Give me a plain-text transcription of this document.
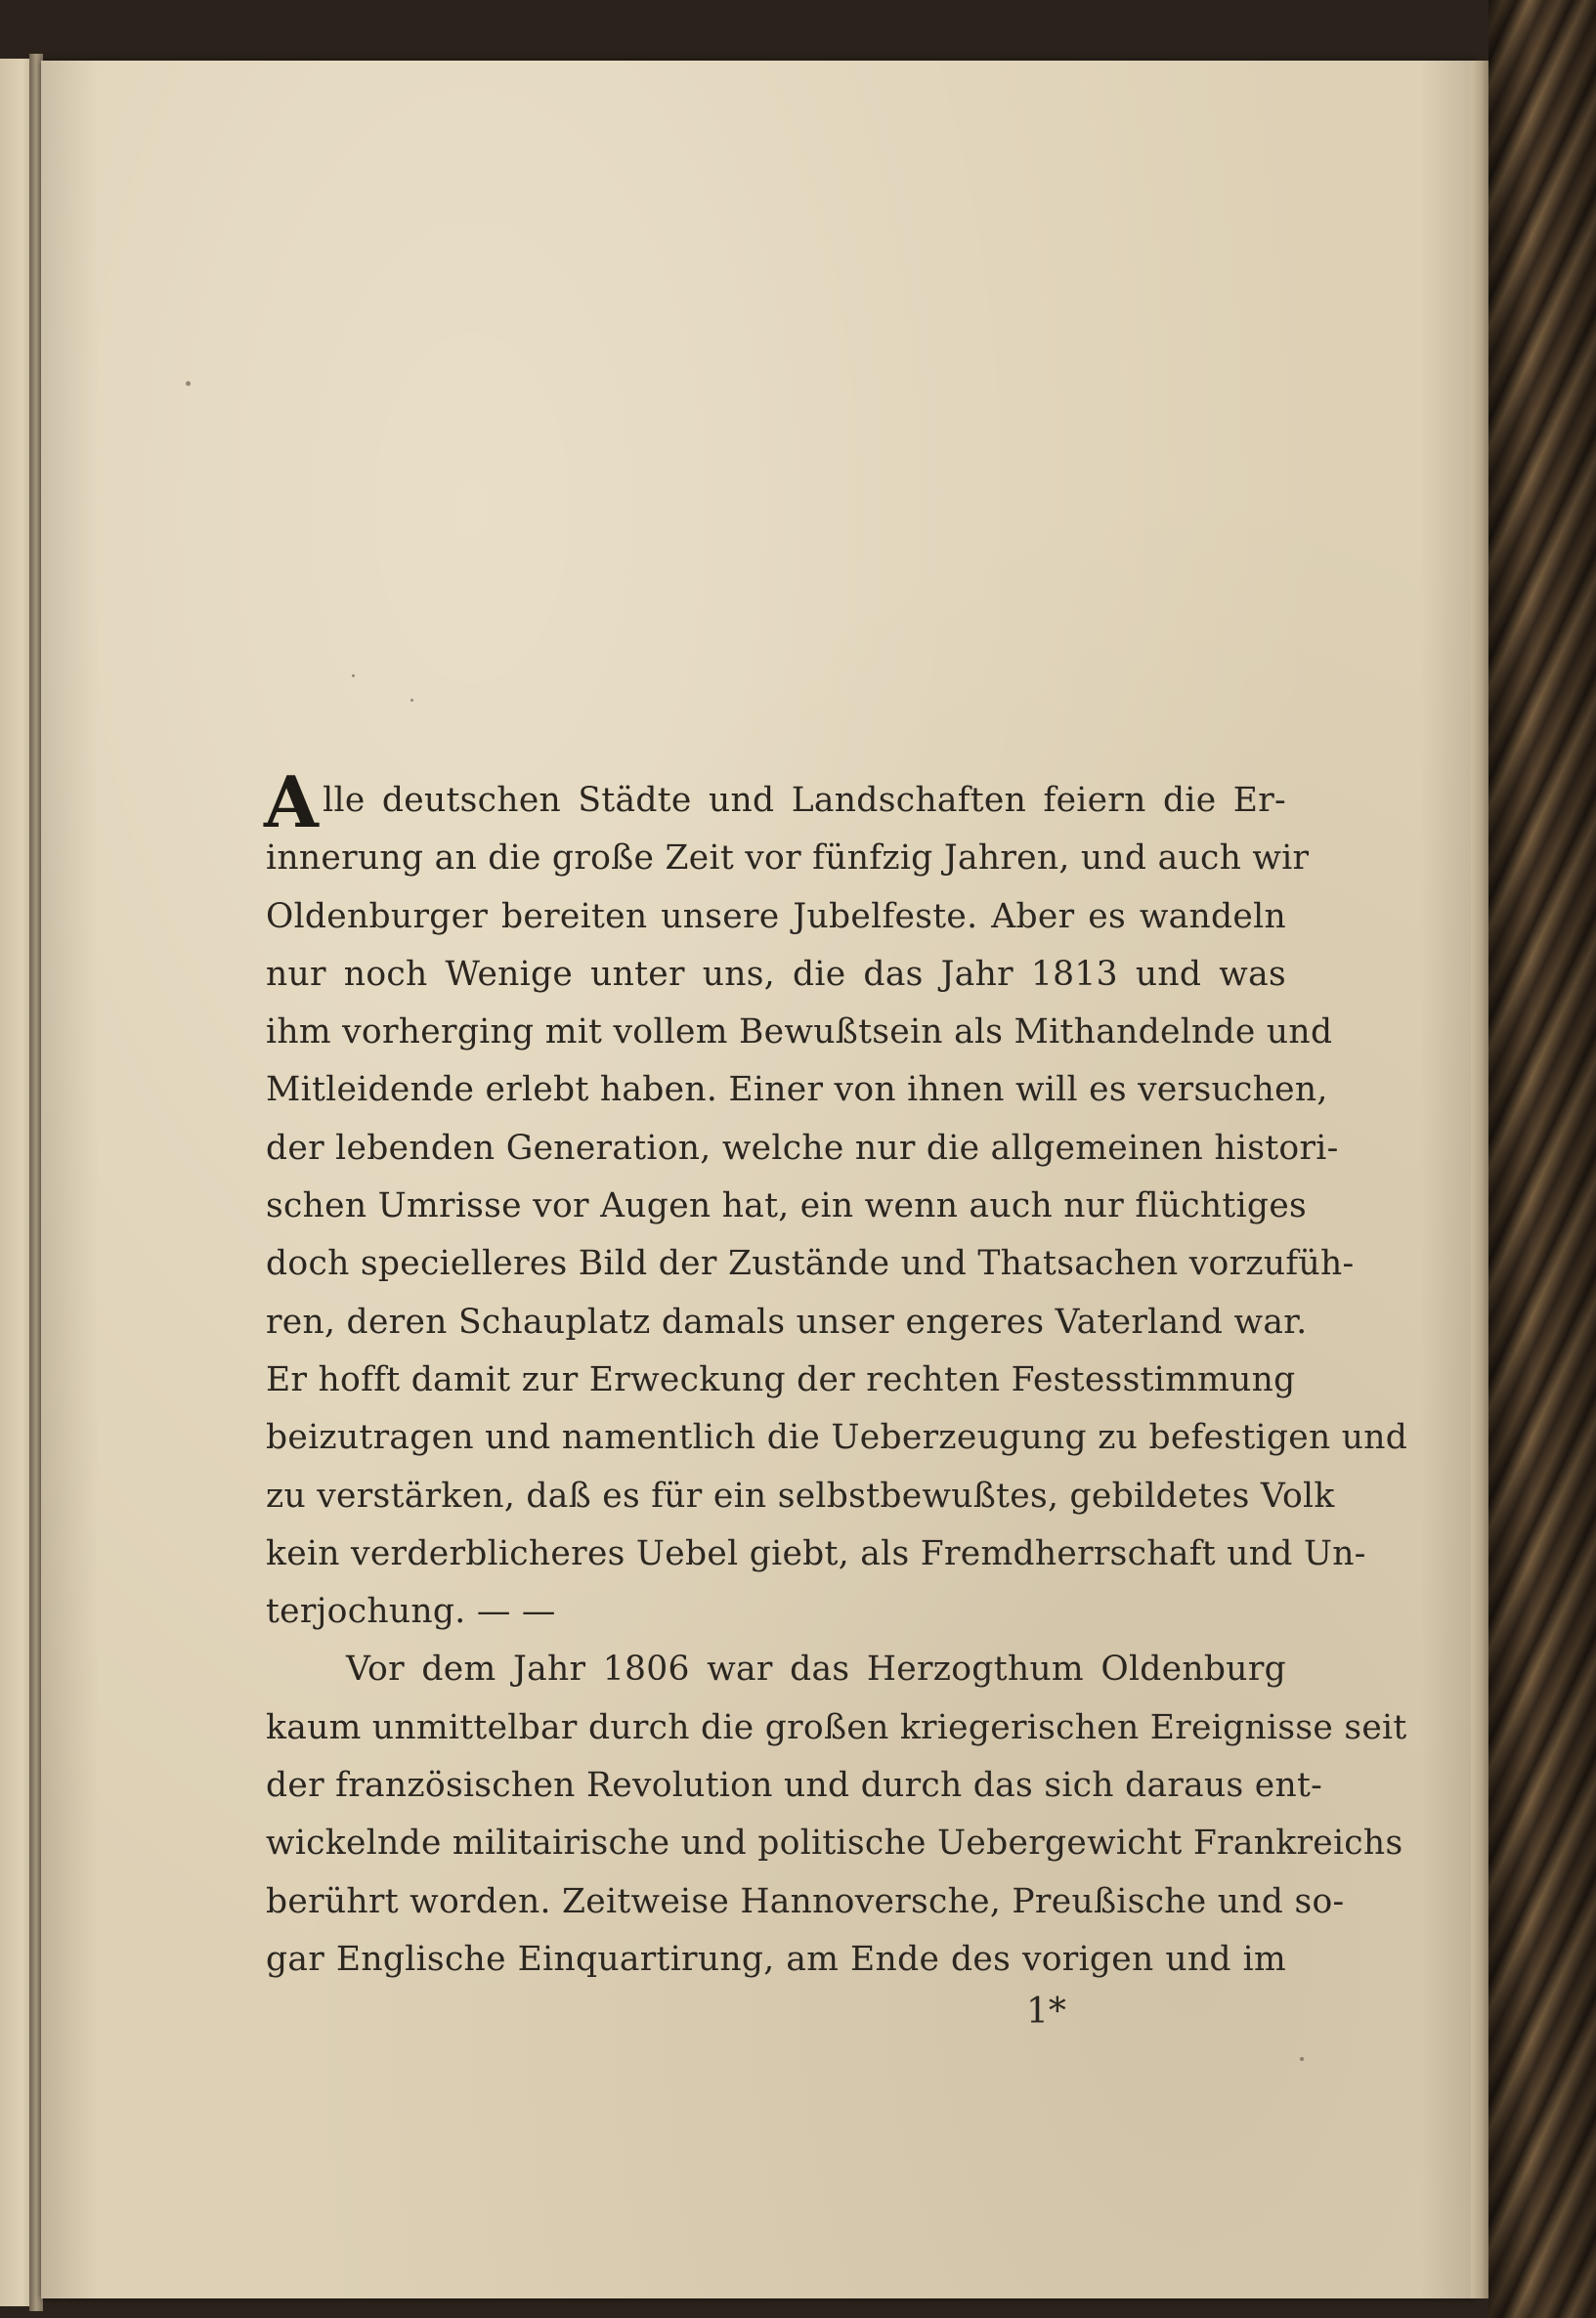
A lle deutschen Städte und Landschaften feiern die Er-
innerung an die große Zeit vor fünfzig Jahren, und auch wir
Oldenburger bereiten unsere Jubelfeste. Aber es wandeln
nur noch Wenige unter uns, die das Jahr 1813 und was
ihm vorherging mit vollem Bewußtsein als Mithandelnde und
Mitleidende erlebt haben. Einer von ihnen will es versuchen,
der lebenden Generation, welche nur die allgemeinen histori-
schen Umrisse vor Augen hat, ein wenn auch nur flüchtiges
doch specielleres Bild der Zustände und Thatsachen vorzufüh-
ren, deren Schauplatz damals unser engeres Vaterland war.
Er hofft damit zur Erweckung der rechten Festesstimmung
beizutragen und namentlich die Ueberzeugung zu befestigen und
zu verstärken, daß es für ein selbstbewußtes, gebildetes Volk
kein verderblicheres Uebel giebt, als Fremdherrschaft und Un-
terjochung. — —

Vor dem Jahr 1806 war das Herzogthum Oldenburg
kaum unmittelbar durch die großen kriegerischen Ereignisse seit
der französischen Revolution und durch das sich daraus ent-
wickelnde militairische und politische Uebergewicht Frankreichs
berührt worden. Zeitweise Hannoversche, Preußische und so-
gar Englische Einquartirung, am Ende des vorigen und im

1*
